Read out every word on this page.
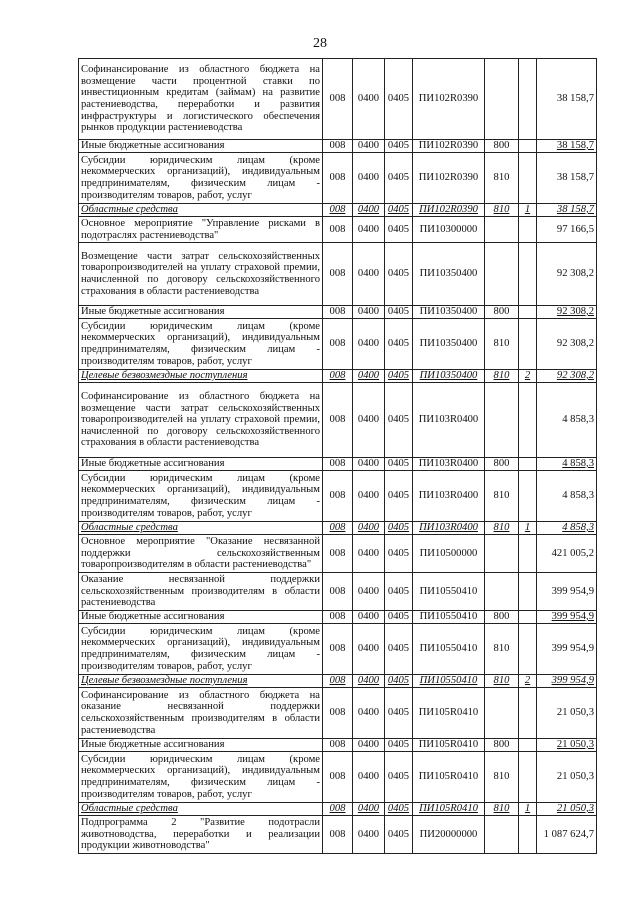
28
Софинансирование из областного бюджета на возмещение части процентной ставки по инвестиционным кредитам (займам) на развитие растениеводства, переработки и развития инфраструктуры и логистического обеспечения рынков продукции растениеводства	008	0400	0405	ПИ102R0390			38 158,7
Иные бюджетные ассигнования	008	0400	0405	ПИ102R0390	800		38 158,7
Субсидии юридическим лицам (кроме некоммерческих организаций), индивидуальным предпринимателям, физическим лицам - производителям товаров, работ, услуг	008	0400	0405	ПИ102R0390	810		38 158,7
Областные средства	008	0400	0405	ПИ102R0390	810	1	38 158,7
Основное мероприятие "Управление рисками в подотраслях растениеводства"	008	0400	0405	ПИ10300000			97 166,5
Возмещение части затрат сельскохозяйственных товаропроизводителей на уплату страховой премии, начисленной по договору сельскохозяйственного страхования в области растениеводства	008	0400	0405	ПИ10350400			92 308,2
Иные бюджетные ассигнования	008	0400	0405	ПИ10350400	800		92 308,2
Субсидии юридическим лицам (кроме некоммерческих организаций), индивидуальным предпринимателям, физическим лицам - производителям товаров, работ, услуг	008	0400	0405	ПИ10350400	810		92 308,2
Целевые безвозмездные поступления	008	0400	0405	ПИ10350400	810	2	92 308,2
Софинансирование из областного бюджета на возмещение части затрат сельскохозяйственных товаропроизводителей на уплату страховой премии, начисленной по договору сельскохозяйственного страхования в области растениеводства	008	0400	0405	ПИ103R0400			4 858,3
Иные бюджетные ассигнования	008	0400	0405	ПИ103R0400	800		4 858,3
Субсидии юридическим лицам (кроме некоммерческих организаций), индивидуальным предпринимателям, физическим лицам - производителям товаров, работ, услуг	008	0400	0405	ПИ103R0400	810		4 858,3
Областные средства	008	0400	0405	ПИ103R0400	810	1	4 858,3
Основное мероприятие "Оказание несвязанной поддержки сельскохозяйственным товаропроизводителям в области растениеводства"	008	0400	0405	ПИ10500000			421 005,2
Оказание несвязанной поддержки сельскохозяйственным производителям в области растениеводства	008	0400	0405	ПИ10550410			399 954,9
Иные бюджетные ассигнования	008	0400	0405	ПИ10550410	800		399 954,9
Субсидии юридическим лицам (кроме некоммерческих организаций), индивидуальным предпринимателям, физическим лицам - производителям товаров, работ, услуг	008	0400	0405	ПИ10550410	810		399 954,9
Целевые безвозмездные поступления	008	0400	0405	ПИ10550410	810	2	399 954,9
Софинансирование из областного бюджета на оказание несвязанной поддержки сельскохозяйственным производителям в области растениеводства	008	0400	0405	ПИ105R0410			21 050,3
Иные бюджетные ассигнования	008	0400	0405	ПИ105R0410	800		21 050,3
Субсидии юридическим лицам (кроме некоммерческих организаций), индивидуальным предпринимателям, физическим лицам - производителям товаров, работ, услуг	008	0400	0405	ПИ105R0410	810		21 050,3
Областные средства	008	0400	0405	ПИ105R0410	810	1	21 050,3
Подпрограмма 2 "Развитие подотрасли животноводства, переработки и реализации продукции животноводства"	008	0400	0405	ПИ20000000			1 087 624,7
